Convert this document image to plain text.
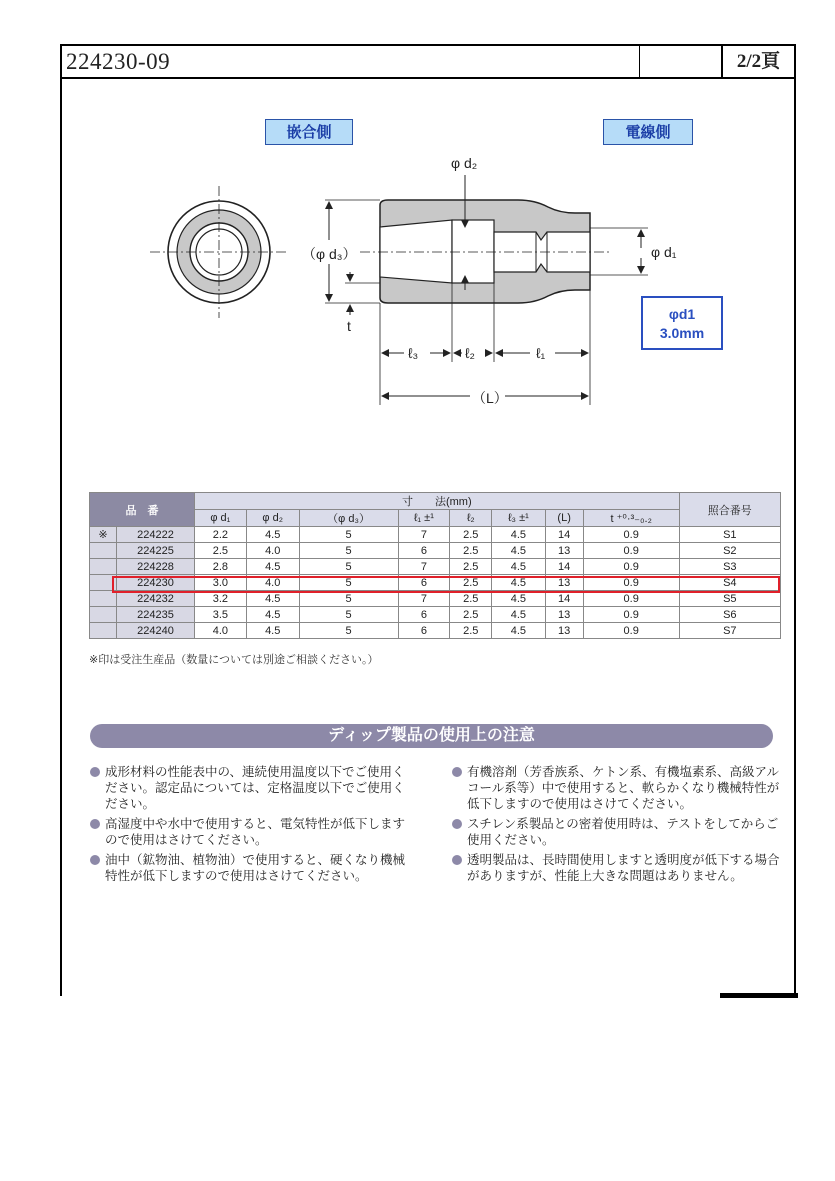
224230-09	2/2頁
嵌合側	電線側
φ d₂
（φ d₃）	φ d₁
t
ℓ₃	ℓ₂	ℓ₁
（L）
φd1
3.0mm
品　番		寸　　法(mm)								照合番号
		φ d₁	φ d₂	（φ d₃）	ℓ₁ ±¹	ℓ₂	ℓ₃ ±¹	(L)	t ⁺⁰·³₋₀.₂	
※	224222	2.2	4.5	5	7	2.5	4.5	14	0.9	S1
	224225	2.5	4.0	5	6	2.5	4.5	13	0.9	S2
	224228	2.8	4.5	5	7	2.5	4.5	14	0.9	S3
	224230	3.0	4.0	5	6	2.5	4.5	13	0.9	S4
	224232	3.2	4.5	5	7	2.5	4.5	14	0.9	S5
	224235	3.5	4.5	5	6	2.5	4.5	13	0.9	S6
	224240	4.0	4.5	5	6	2.5	4.5	13	0.9	S7
※印は受注生産品（数量については別途ご相談ください。）
ディップ製品の使用上の注意
成形材料の性能表中の、連続使用温度以下でご使用ください。認定品については、定格温度以下でご使用ください。
高湿度中や水中で使用すると、電気特性が低下しますので使用はさけてください。
油中（鉱物油、植物油）で使用すると、硬くなり機械特性が低下しますので使用はさけてください。
有機溶剤（芳香族系、ケトン系、有機塩素系、高級アルコール系等）中で使用すると、軟らかくなり機械特性が低下しますので使用はさけてください。
スチレン系製品との密着使用時は、テストをしてからご使用ください。
透明製品は、長時間使用しますと透明度が低下する場合がありますが、性能上大きな問題はありません。
